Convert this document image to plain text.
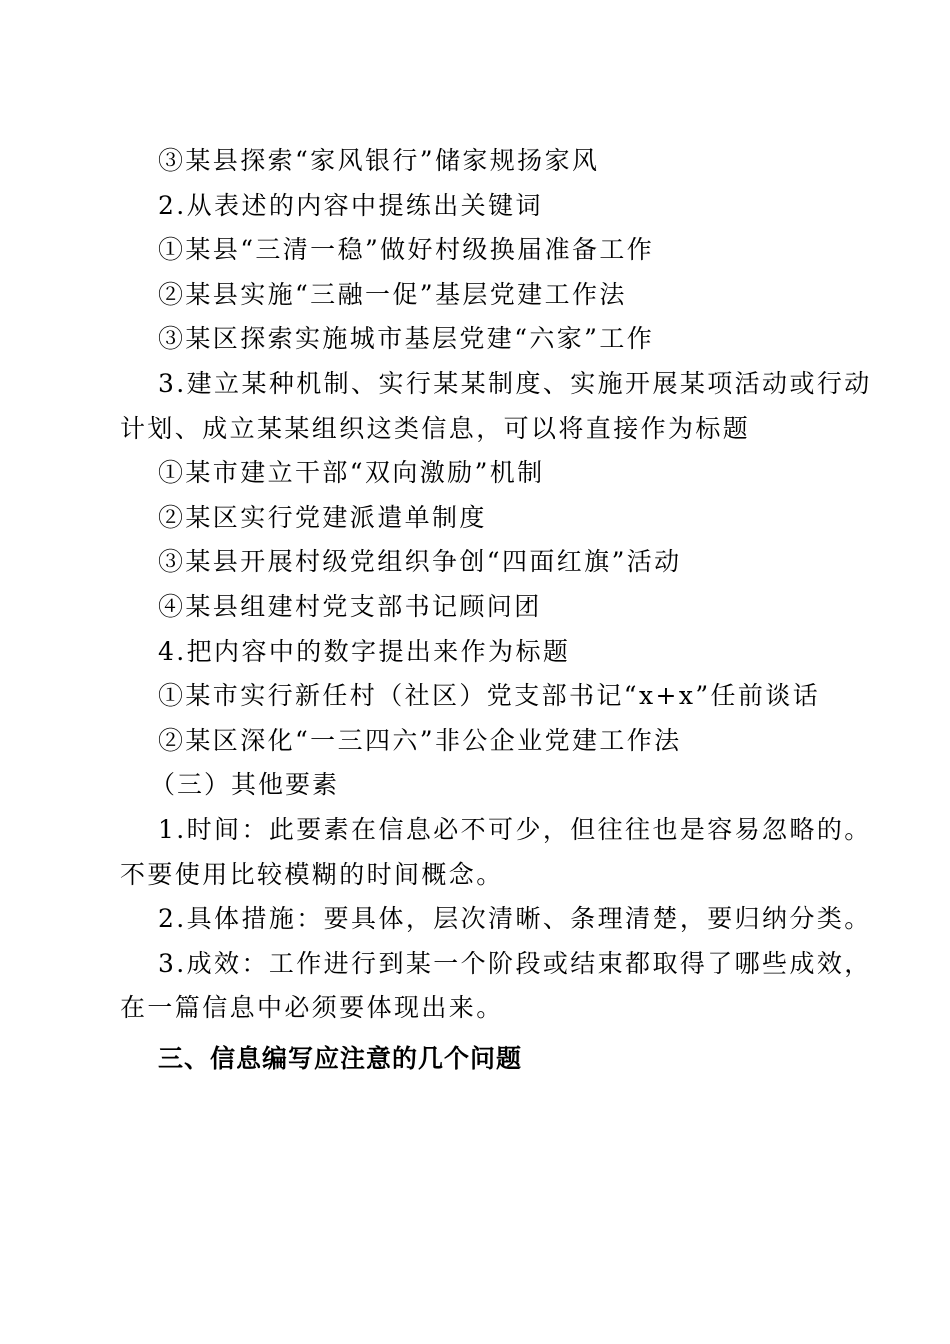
③某县探索“家风银行”储家规扬家风

2.从表述的内容中提练出关键词

①某县“三清一稳”做好村级换届准备工作

②某县实施“三融一促”基层党建工作法

③某区探索实施城市基层党建“六家”工作

3.建立某种机制、实行某某制度、实施开展某项活动或行动

计划、成立某某组织这类信息，可以将直接作为标题

①某市建立干部“双向激励”机制

②某区实行党建派遣单制度

③某县开展村级党组织争创“四面红旗”活动

④某县组建村党支部书记顾问团

4.把内容中的数字提出来作为标题

①某市实行新任村（社区）党支部书记“x+x”任前谈话

②某区深化“一三四六”非公企业党建工作法

（三）其他要素

1.时间：此要素在信息必不可少，但往往也是容易忽略的。

不要使用比较模糊的时间概念。

2.具体措施：要具体，层次清晰、条理清楚，要归纳分类。

3.成效：工作进行到某一个阶段或结束都取得了哪些成效，

在一篇信息中必须要体现出来。

三、信息编写应注意的几个问题
